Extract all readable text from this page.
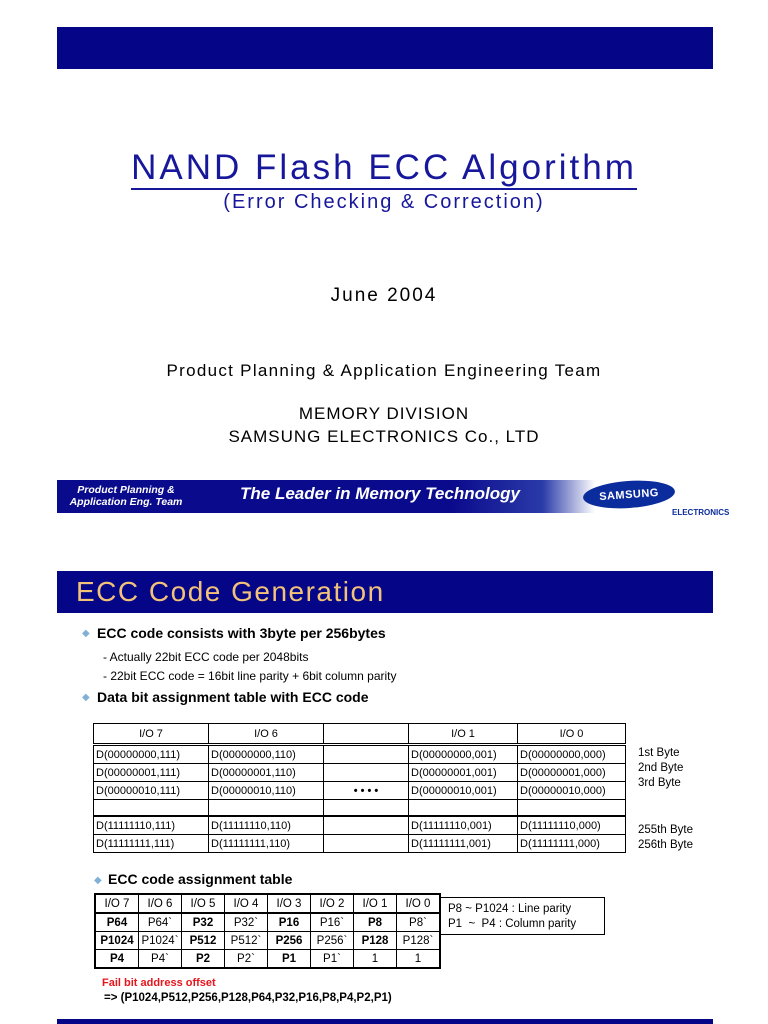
NAND Flash ECC Algorithm
(Error Checking & Correction)
June 2004
Product Planning & Application Engineering Team
MEMORY DIVISION
SAMSUNG ELECTRONICS Co., LTD
Product Planning &
Application Eng. Team	The Leader in Memory Technology	SAMSUNG
ELECTRONICS
ECC Code Generation
◆ ECC code consists with 3byte per 256bytes
- Actually 22bit ECC code per 2048bits
- 22bit ECC code = 16bit line parity + 6bit column parity
◆ Data bit assignment table with ECC code
I/O 7	I/O 6		I/O 1	I/O 0
D(00000000,111)	D(00000000,110)		D(00000000,001)	D(00000000,000)
D(00000001,111)	D(00000001,110)		D(00000001,001)	D(00000001,000)
D(00000010,111)	D(00000010,110)	• • • •	D(00000010,001)	D(00000010,000)

D(11111110,111)	D(11111110,110)		D(11111110,001)	D(11111110,000)
D(11111111,111)	D(11111111,110)		D(11111111,001)	D(11111111,000)
1st Byte
2nd Byte
3rd Byte
255th Byte
256th Byte
◆ ECC code assignment table
I/O 7	I/O 6	I/O 5	I/O 4	I/O 3	I/O 2	I/O 1	I/O 0
P64	P64`	P32	P32`	P16	P16`	P8	P8`
P1024	P1024`	P512	P512`	P256	P256`	P128	P128`
P4	P4`	P2	P2`	P1	P1`	1	1
P8 ~ P1024 : Line parity
P1  ~  P4 : Column parity
Fail bit address offset
=> (P1024,P512,P256,P128,P64,P32,P16,P8,P4,P2,P1)
